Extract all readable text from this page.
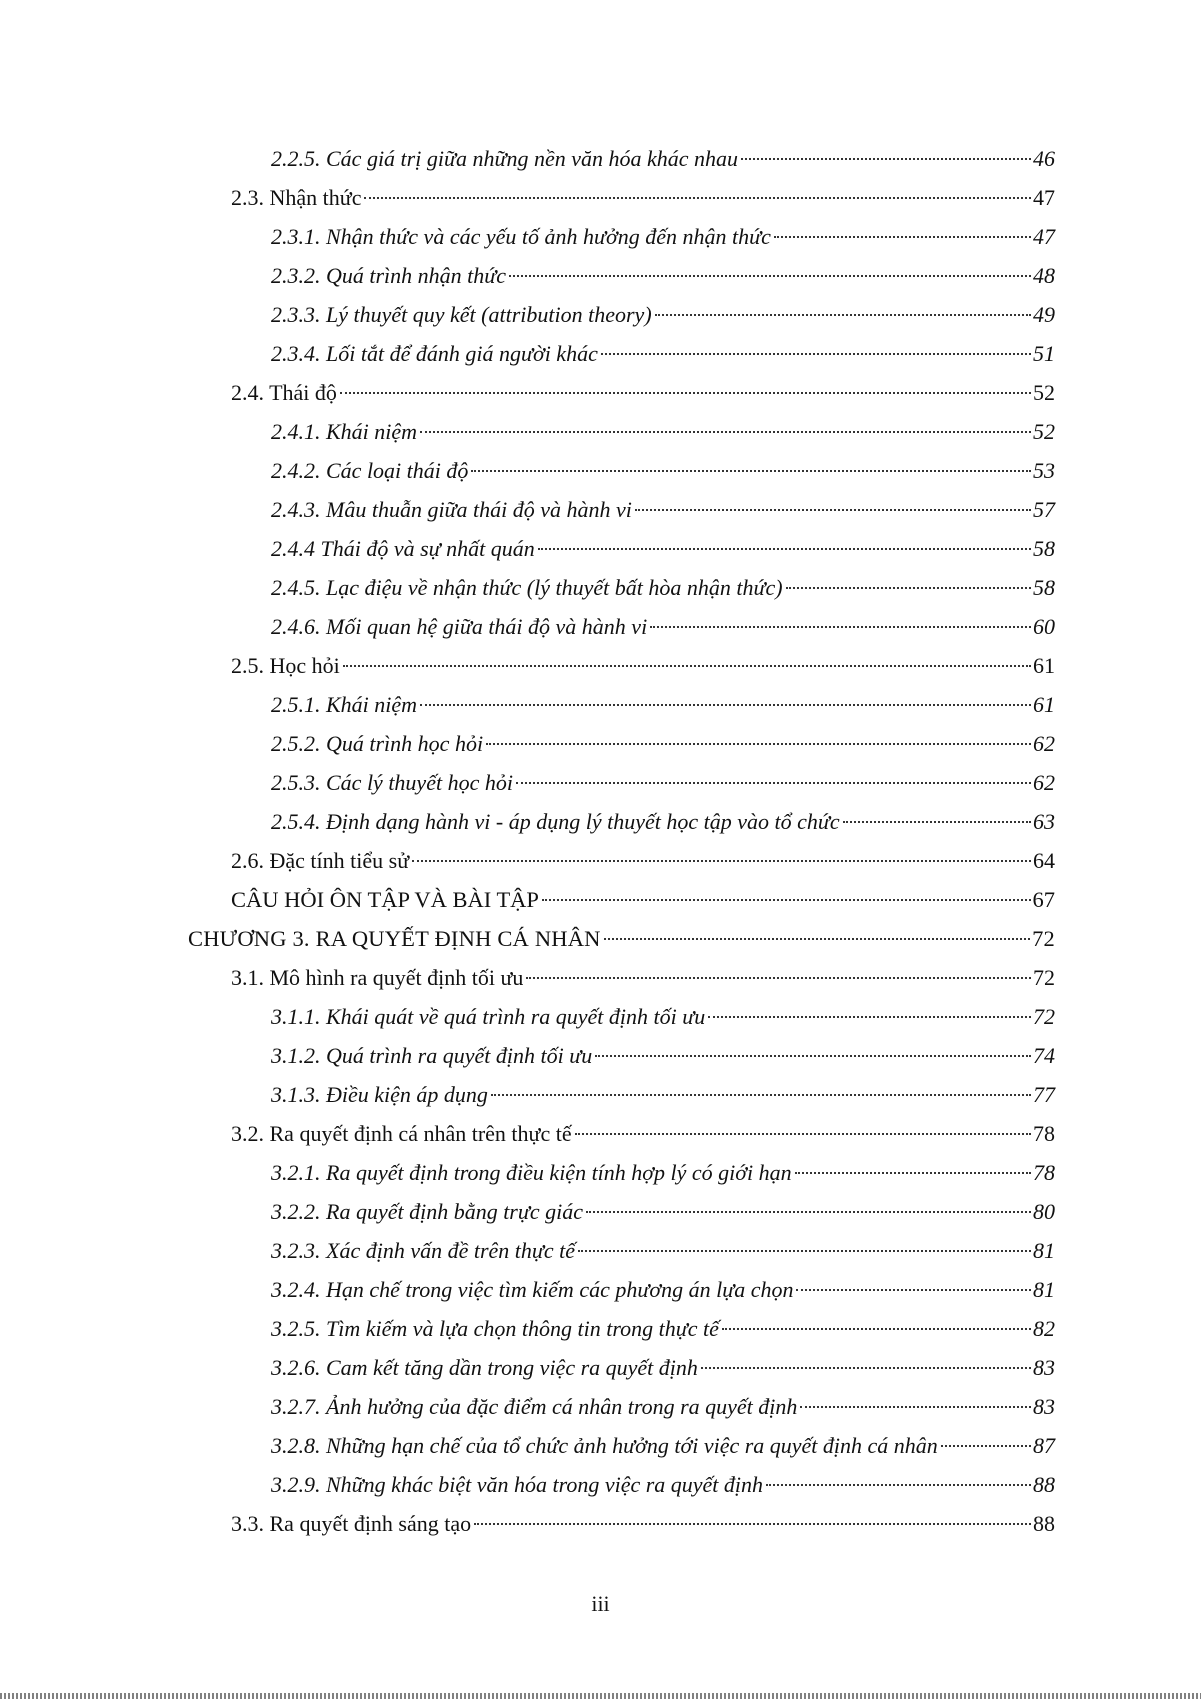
2.2.5. Các giá trị giữa những nền văn hóa khác nhau	46
2.3. Nhận thức	47
2.3.1. Nhận thức và các yếu tố ảnh hưởng đến nhận thức	47
2.3.2. Quá trình nhận thức	48
2.3.3. Lý thuyết quy kết (attribution theory)	49
2.3.4. Lối tắt để đánh giá người khác	51
2.4. Thái độ	52
2.4.1. Khái niệm	52
2.4.2. Các loại thái độ	53
2.4.3. Mâu thuẫn giữa thái độ và hành vi	57
2.4.4 Thái độ và sự nhất quán	58
2.4.5. Lạc điệu về nhận thức (lý thuyết bất hòa nhận thức)	58
2.4.6. Mối quan hệ giữa thái độ và hành vi	60
2.5. Học hỏi	61
2.5.1. Khái niệm	61
2.5.2. Quá trình học hỏi	62
2.5.3. Các lý thuyết học hỏi	62
2.5.4. Định dạng hành vi - áp dụng lý thuyết học tập vào tổ chức	63
2.6. Đặc tính tiểu sử	64
CÂU HỎI ÔN TẬP VÀ BÀI TẬP	67
CHƯƠNG 3. RA QUYẾT ĐỊNH CÁ NHÂN	72
3.1. Mô hình ra quyết định tối ưu	72
3.1.1. Khái quát về quá trình ra quyết định tối ưu	72
3.1.2. Quá trình ra quyết định tối ưu	74
3.1.3. Điều kiện áp dụng	77
3.2. Ra quyết định cá nhân trên thực tế	78
3.2.1. Ra quyết định trong điều kiện tính hợp lý có giới hạn	78
3.2.2. Ra quyết định bằng trực giác	80
3.2.3. Xác định vấn đề trên thực tế	81
3.2.4. Hạn chế trong việc tìm kiếm các phương án lựa chọn	81
3.2.5. Tìm kiếm và lựa chọn thông tin trong thực tế	82
3.2.6. Cam kết tăng dần trong việc ra quyết định	83
3.2.7. Ảnh hưởng của đặc điểm cá nhân trong ra quyết định	83
3.2.8. Những hạn chế của tổ chức ảnh hưởng tới việc ra quyết định cá nhân	87
3.2.9. Những khác biệt văn hóa trong việc ra quyết định	88
3.3. Ra quyết định sáng tạo	88
iii
